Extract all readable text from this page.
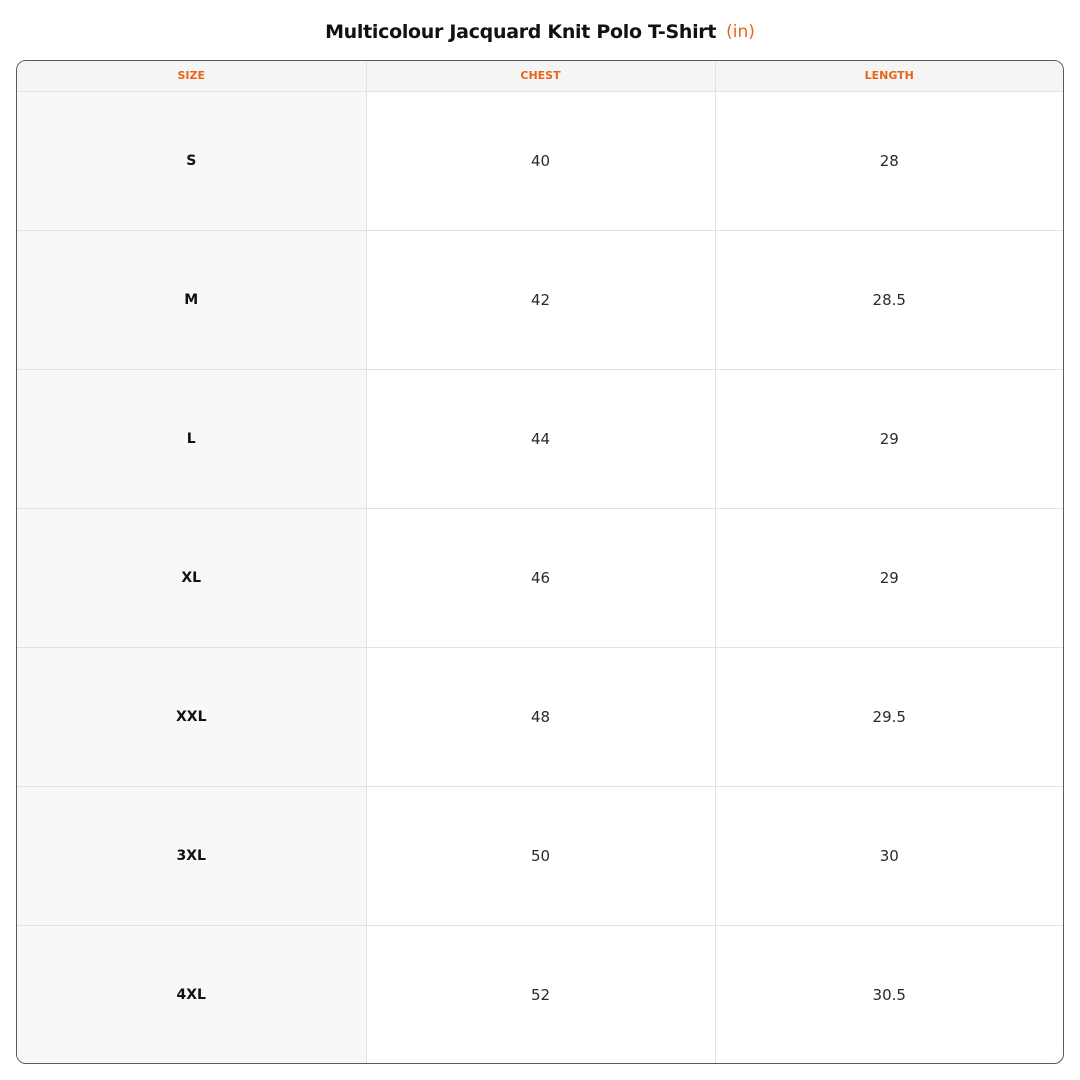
Multicolour Jacquard Knit Polo T-Shirt (in)
SIZE	CHEST	LENGTH
S	40	28
M	42	28.5
L	44	29
XL	46	29
XXL	48	29.5
3XL	50	30
4XL	52	30.5
